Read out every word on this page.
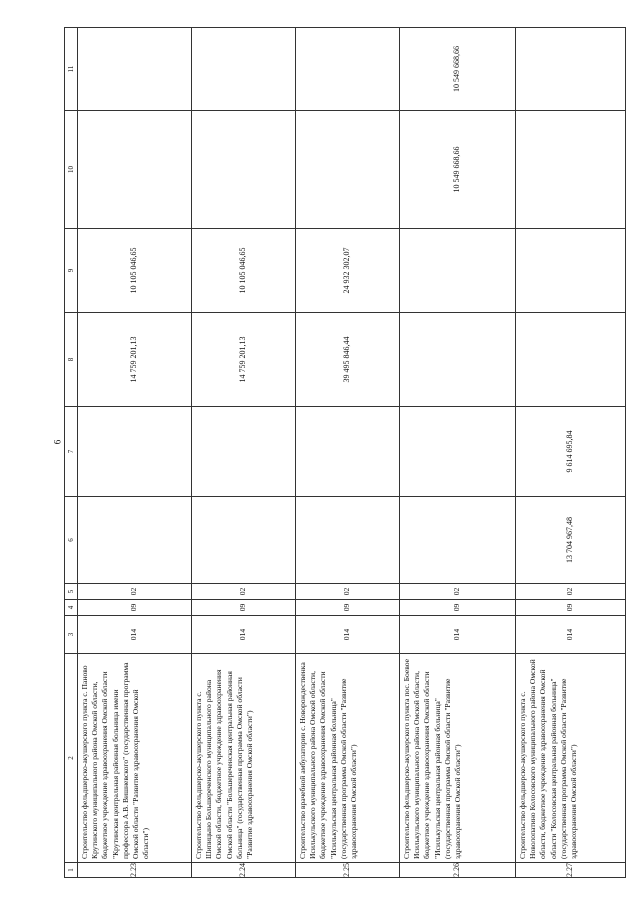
6
1	2	3	4	5	6	7	8	9	10	11
2.23	Строительство фельдшерско-акушерского пункта с. Паново Крутинского муниципального района Омской области, бюджетное учреждение здравоохранения Омской области "Крутинская центральная районная больница имени профессора А.В. Вишневского" (государственная программа Омской области "Развитие здравоохранения Омской области")	014	09	02			14 759 201,13	10 105 046,65		
2.24	Строительство фельдшерско-акушерского пункта с. Шипицыно Большереченского муниципального района Омской области, бюджетное учреждение здравоохранения Омской области "Большереченская центральная районная больница" (государственная программа Омской области "Развитие здравоохранения Омской области")	014	09	02			14 759 201,13	10 105 046,65		
2.25	Строительство врачебной амбулатории с. Новорождественка Исилькульского муниципального района Омской области, бюджетное учреждение здравоохранения Омской области "Исилькульская центральная районная больница" (государственная программа Омской области "Развитие здравоохранения Омской области")	014	09	02			39 495 846,44	24 932 302,07		
2.26	Строительство фельдшерско-акушерского пункта пос. Боевое Исилькульского муниципального района Омской области, бюджетное учреждение здравоохранения Омской области "Исилькульская центральная районная больница" (государственная программа Омской области "Развитие здравоохранения Омской области")	014	09	02					10 549 668,66	10 549 668,66
2.27	Строительство фельдшерско-акушерского пункта с. Новолопатино Колосовского муниципального района Омской области, бюджетное учреждение здравоохранения Омской области "Колосовская центральная районная больница" (государственная программа Омской области "Развитие здравоохранения Омской области")	014	09	02	13 704 967,48	9 614 695,84				
